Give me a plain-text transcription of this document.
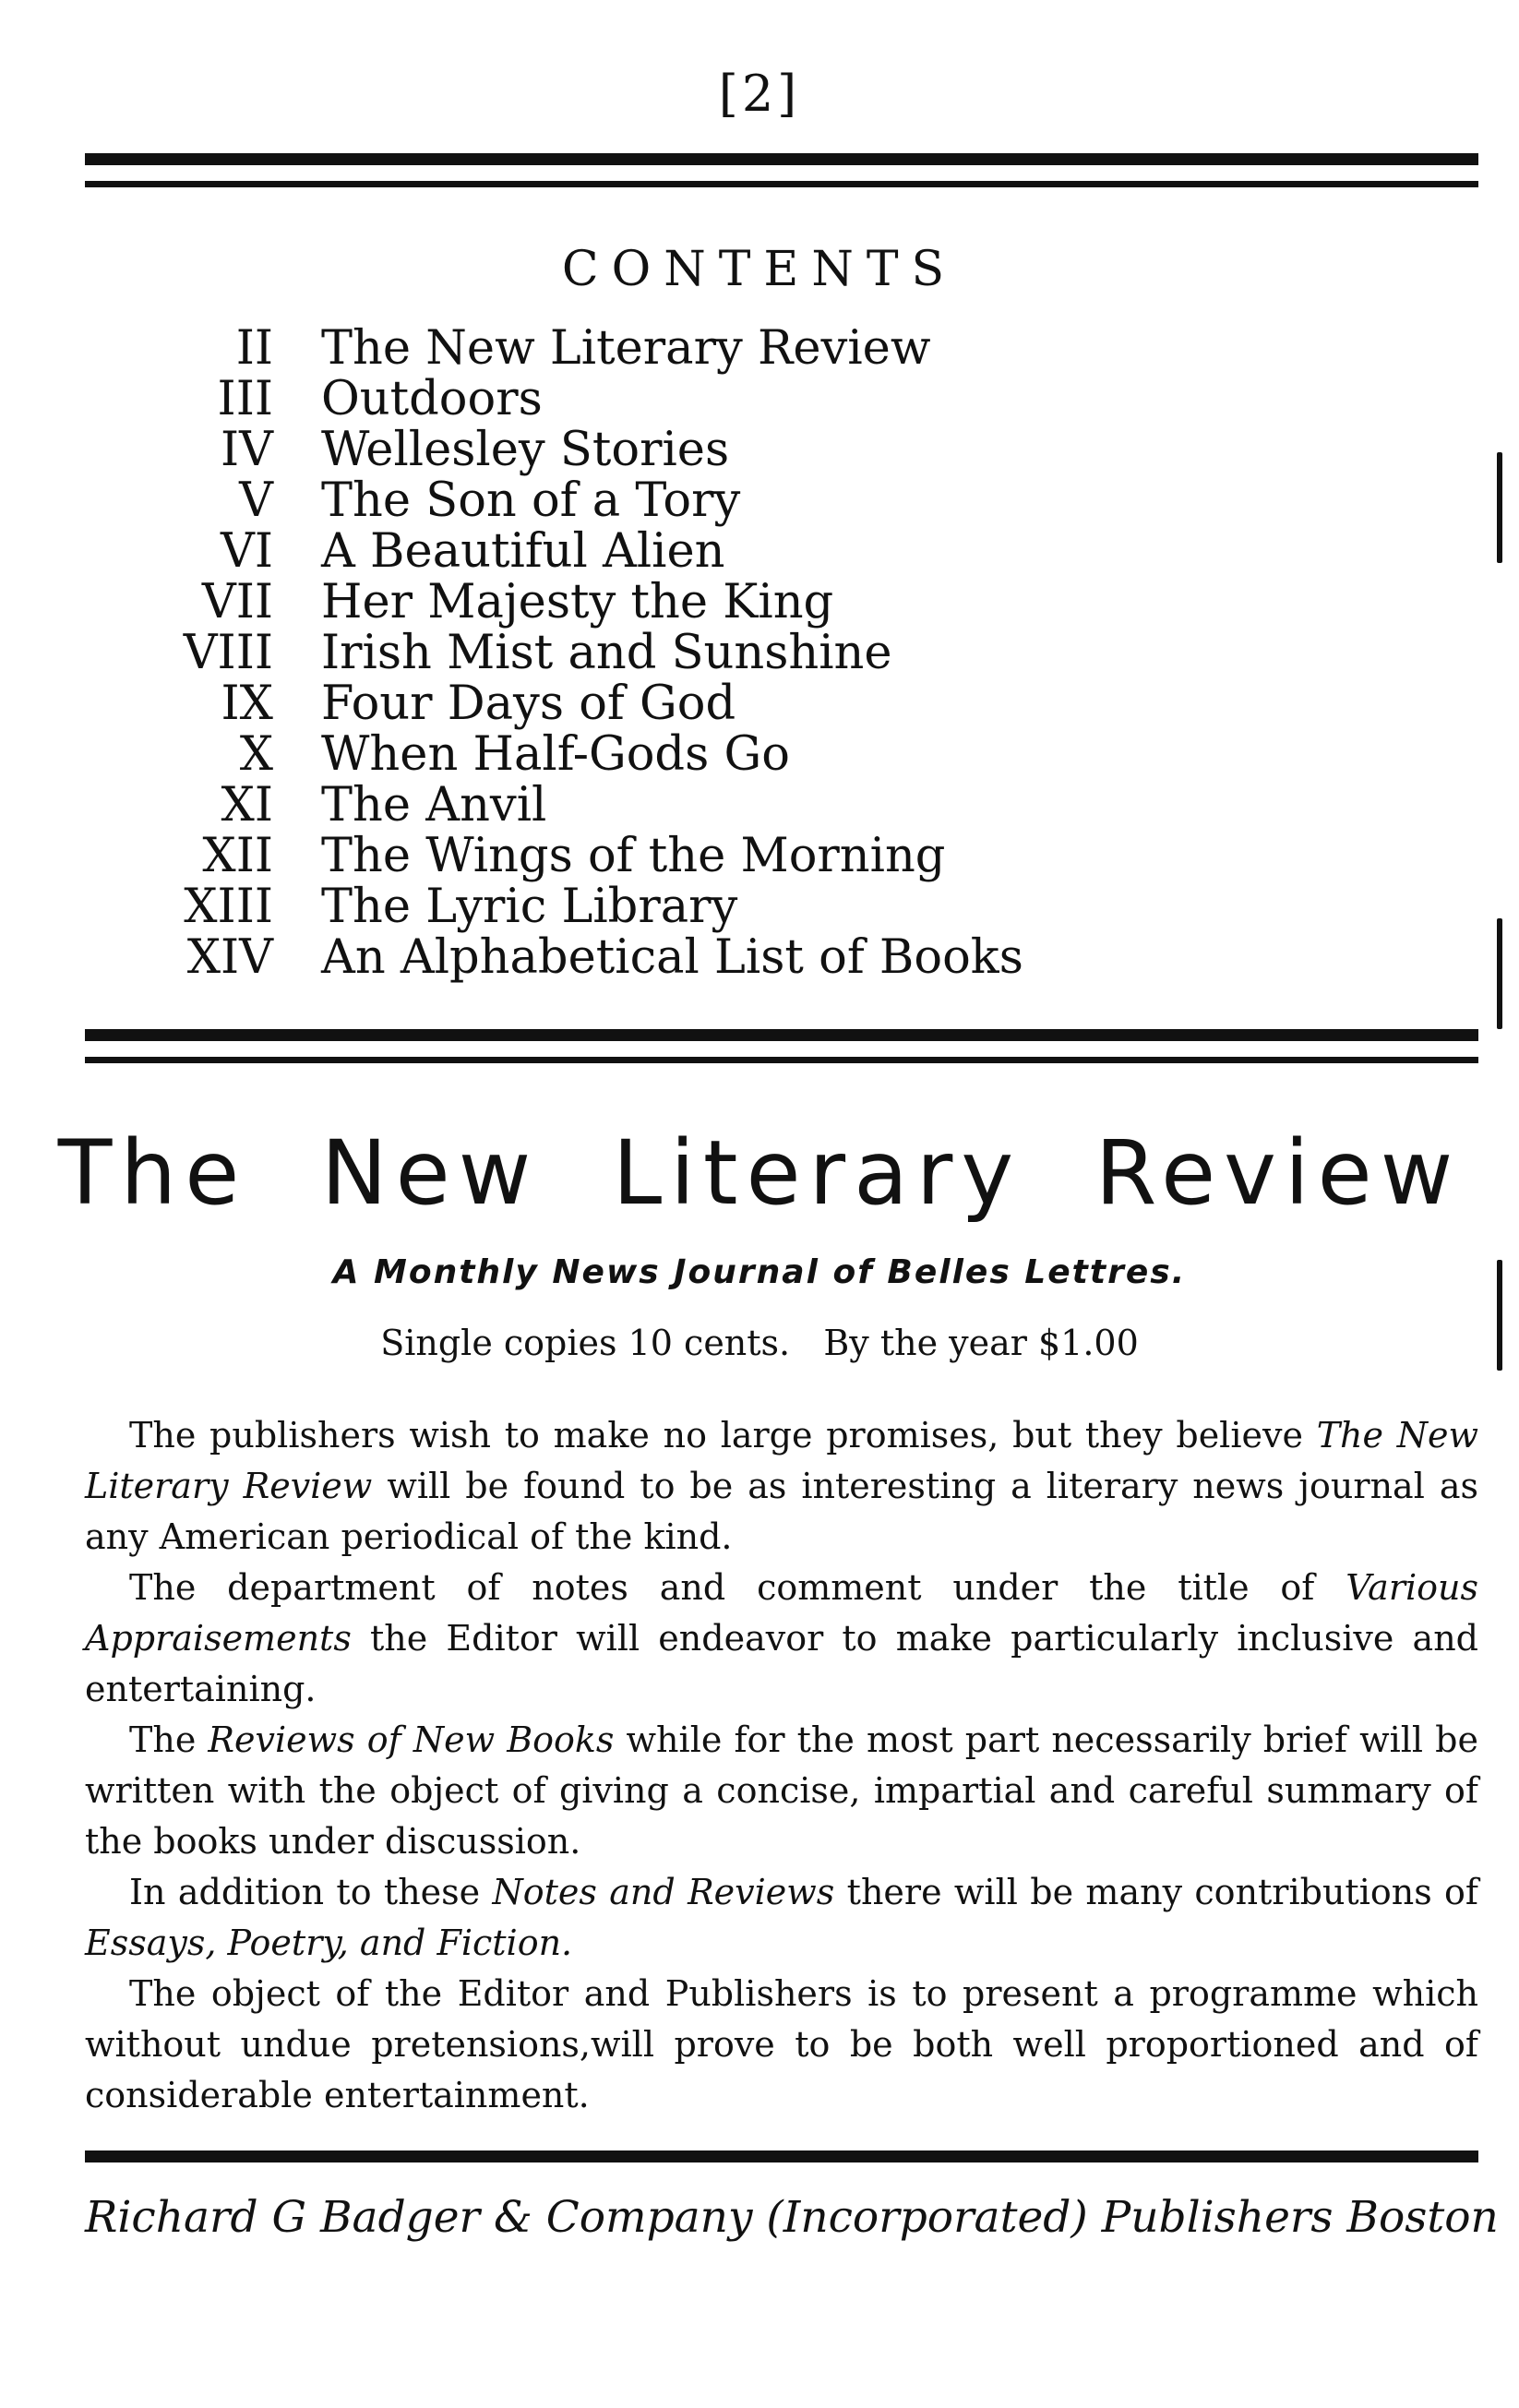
[2]
CONTENTS
II	The New Literary Review
III	Outdoors
IV	Wellesley Stories
V	The Son of a Tory
VI	A Beautiful Alien
VII	Her Majesty the King
VIII	Irish Mist and Sunshine
IX	Four Days of God
X	When Half-Gods Go
XI	The Anvil
XII	The Wings of the Morning
XIII	The Lyric Library
XIV	An Alphabetical List of Books
The New Literary Review
A Monthly News Journal of Belles Lettres.
Single copies 10 cents.   By the year $1.00

The publishers wish to make no large promises, but they believe The New Literary Review will be found to be as interesting a literary news journal as any American periodical of the kind.

The department of notes and comment under the title of Various Appraisements the Editor will endeavor to make particularly inclusive and entertaining.

The Reviews of New Books while for the most part necessarily brief will be written with the object of giving a concise, impartial and careful summary of the books under discussion.

In addition to these Notes and Reviews there will be many contributions of Essays, Poetry, and Fiction.

The object of the Editor and Publishers is to present a programme which without undue pretensions,will prove to be both well proportioned and of considerable entertainment.

Richard G Badger & Company (Incorporated) Publishers Boston
